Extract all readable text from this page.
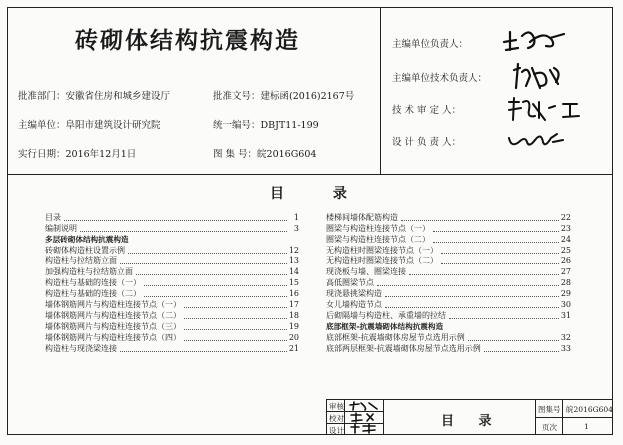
砖砌体结构抗震构造
批准部门：安徽省住房和城乡建设厅	批准文号：建标函(2016)2167号
主编单位：阜阳市建筑设计研究院	统一编号：DBJT11-199
实行日期：2016年12月1日	图 集 号：皖2016G604
主编单位负责人：
主编单位技术负责人：
技 术 审 定 人：
设 计 负 责 人：
目 录
目录	1
编制说明	3
多层砖砌体结构抗震构造
砖砌体构造柱设置示例	12
构造柱与拉结筋立面	13
加强构造柱与拉结筋立面	14
构造柱与基础的连接（一）	15
构造柱与基础的连接（二）	16
墙体钢筋网片与构造柱连接节点（一）	17
墙体钢筋网片与构造柱连接节点（二）	18
墙体钢筋网片与构造柱连接节点（三）	19
墙体钢筋网片与构造柱连接节点（四）	20
构造柱与现浇梁连接	21
楼梯间墙体配筋构造	22
圈梁与构造柱连接节点（一）	23
圈梁与构造柱连接节点（二）	24
无构造柱时圈梁连接节点（一）	25
无构造柱时圈梁连接节点（二）	26
现浇板与墙、圈梁连接	27
高低圈梁节点	28
现浇悬挑梁构造	29
女儿墙构造节点	30
后砌隔墙与构造柱、承重墙的拉结	31
底部框架-抗震墙砌体结构抗震构造
底部框架-抗震墙砌体房屋节点选用示例	32
底部两层框架-抗震墙砌体房屋节点选用示例	33
审核
校对
设计
目 录
图集号 皖2016G604
页次	1
